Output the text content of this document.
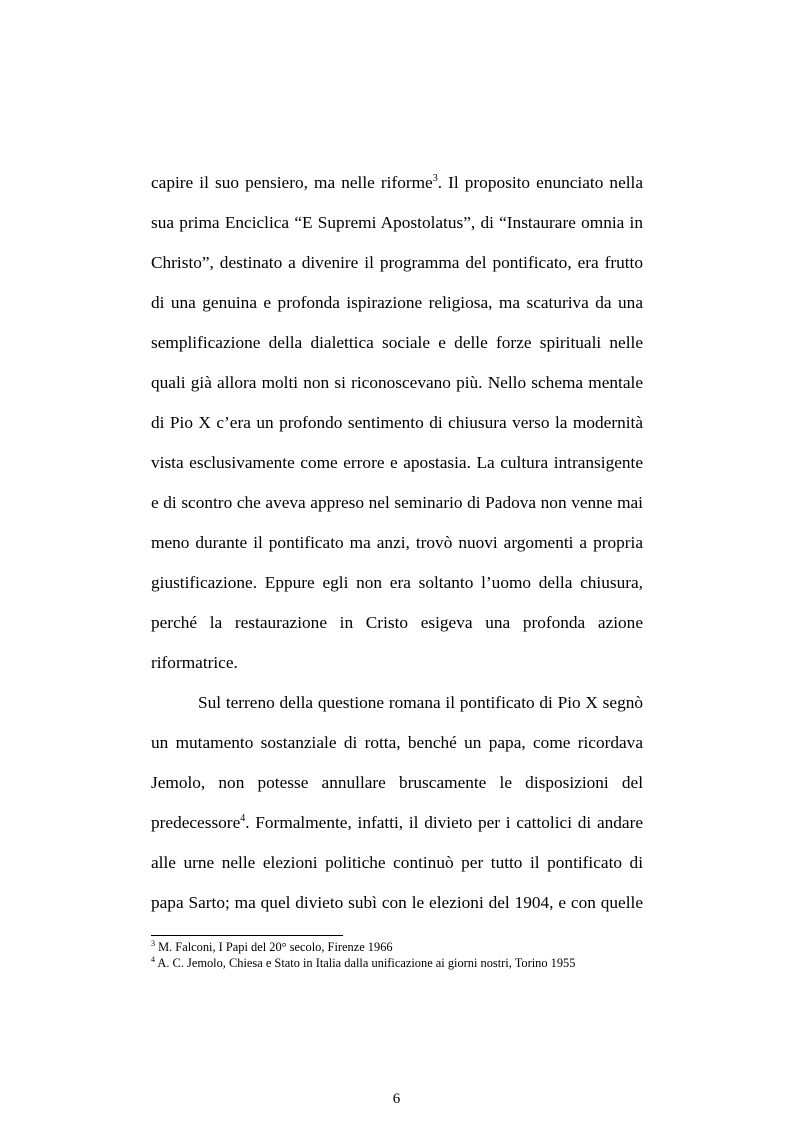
capire il suo pensiero, ma nelle riforme$^3$. Il proposito enunciato nella
sua prima Enciclica “E Supremi Apostolatus”, di “Instaurare omnia in
Christo”, destinato a divenire il programma del pontificato, era frutto
di una genuina e profonda ispirazione religiosa, ma scaturiva da una
semplificazione della dialettica sociale e delle forze spirituali nelle
quali già allora molti non si riconoscevano più. Nello schema mentale
di Pio X c’era un profondo sentimento di chiusura verso la modernità
vista esclusivamente come errore e apostasia. La cultura intransigente
e di scontro che aveva appreso nel seminario di Padova non venne mai
meno durante il pontificato ma anzi, trovò nuovi argomenti a propria
giustificazione. Eppure egli non era soltanto l’uomo della chiusura,
perché la restaurazione in Cristo esigeva una profonda azione
riformatrice.
Sul terreno della questione romana il pontificato di Pio X segnò
un mutamento sostanziale di rotta, benché un papa, come ricordava
Jemolo, non potesse annullare bruscamente le disposizioni del
predecessore$^4$. Formalmente, infatti, il divieto per i cattolici di andare
alle urne nelle elezioni politiche continuò per tutto il pontificato di
papa Sarto; ma quel divieto subì con le elezioni del 1904, e con quelle
$^3$ M. Falconi, I Papi del 20° secolo, Firenze 1966
$^4$ A. C. Jemolo, Chiesa e Stato in Italia dalla unificazione ai giorni nostri, Torino 1955
6
